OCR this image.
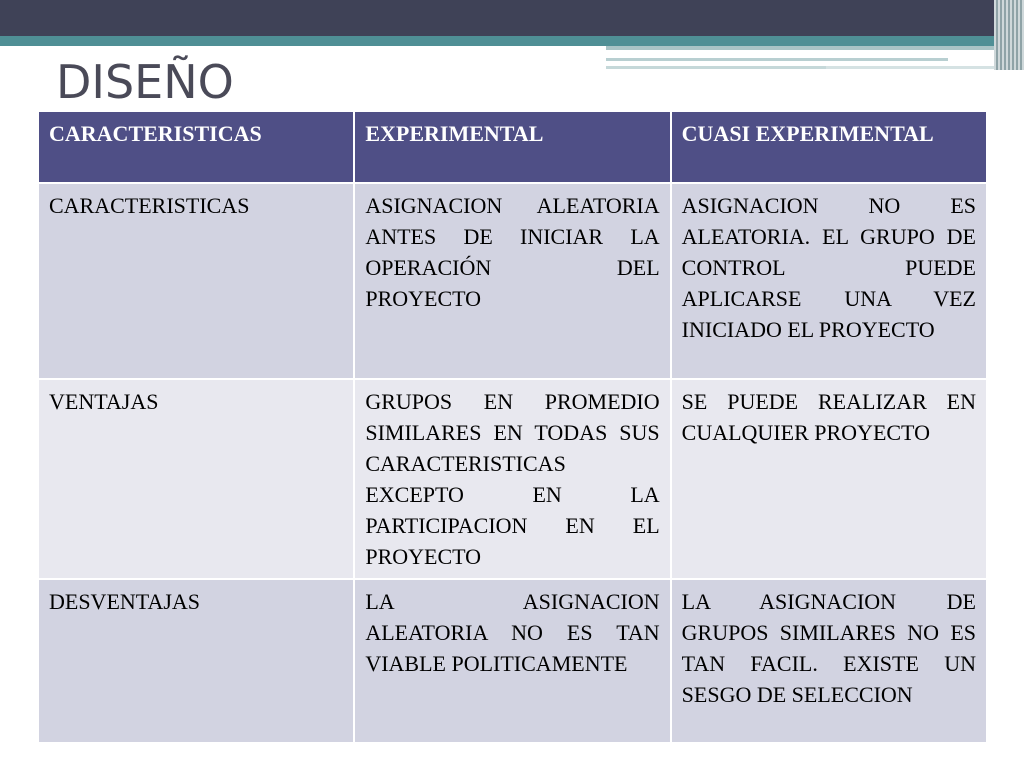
DISEÑO
CARACTERISTICAS	EXPERIMENTAL	CUASI EXPERIMENTAL
CARACTERISTICAS	ASIGNACION ALEATORIA ANTES DE INICIAR LA OPERACIÓN DEL PROYECTO	ASIGNACION NO ES ALEATORIA. EL GRUPO DE CONTROL PUEDE APLICARSE UNA VEZ INICIADO EL PROYECTO
VENTAJAS	GRUPOS EN PROMEDIO SIMILARES EN TODAS SUS CARACTERISTICAS EXCEPTO EN LA PARTICIPACION EN EL PROYECTO	SE PUEDE REALIZAR EN CUALQUIER PROYECTO
DESVENTAJAS	LA ASIGNACION ALEATORIA NO ES TAN VIABLE POLITICAMENTE	LA ASIGNACION DE GRUPOS SIMILARES NO ES TAN FACIL. EXISTE UN SESGO DE SELECCION
